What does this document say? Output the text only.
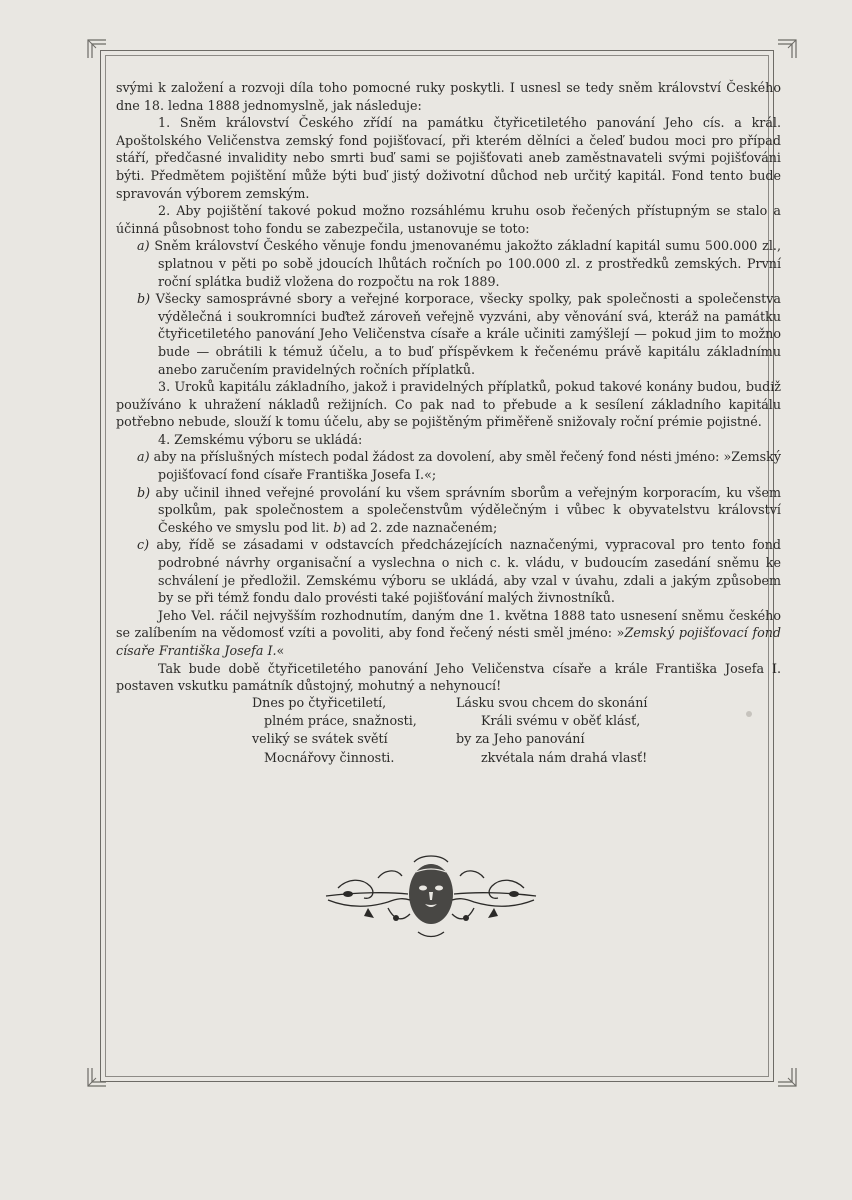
svými k založení a rozvoji díla toho pomocné ruky poskytli. I usnesl se tedy sněm království Českého dne 18. ledna 1888 jednomyslně, jak následuje:

1. Sněm království Českého zřídí na památku čtyřicetiletého panování Jeho cís. a král. Apoštolského Veličenstva zemský fond pojišťovací, při kterém dělníci a čeleď budou moci pro případ stáří, předčasné invalidity nebo smrti buď sami se pojišťovati aneb zaměstnavateli svými pojišťováni býti. Předmětem pojištění může býti buď jistý doživotní důchod neb určitý kapitál. Fond tento bude spravován výborem zemským.

2. Aby pojištění takové pokud možno rozsáhlému kruhu osob řečených přístupným se stalo a účinná působnost toho fondu se zabezpečila, ustanovuje se toto:

a) Sněm království Českého věnuje fondu jmenovanému jakožto základní kapitál sumu 500.000 zl., splatnou v pěti po sobě jdoucích lhůtách ročních po 100.000 zl. z prostředků zemských. První roční splátka budiž vložena do rozpočtu na rok 1889.

b) Všecky samosprávné sbory a veřejné korporace, všecky spolky, pak společnosti a společenstva výdělečná i soukromníci buďtež zároveň veřejně vyzváni, aby věnování svá, kteráž na památku čtyřicetiletého panování Jeho Veličenstva císaře a krále učiniti zamýšlejí — pokud jim to možno bude — obrátili k témuž účelu, a to buď příspěvkem k řečenému právě kapitálu základnímu anebo zaručením pravidelných ročních příplatků.

3. Uroků kapitálu základního, jakož i pravidelných příplatků, pokud takové konány budou, budiž používáno k uhražení nákladů režijních. Co pak nad to přebude a k sesílení základního kapitálu potřebno nebude, slouží k tomu účelu, aby se pojištěným přiměřeně snižovaly roční prémie pojistné.

4. Zemskému výboru se ukládá:

a) aby na příslušných místech podal žádost za dovolení, aby směl řečený fond nésti jméno: »Zemský pojišťovací fond císaře Františka Josefa I.«;

b) aby učinil ihned veřejné provolání ku všem správním sborům a veřejným korporacím, ku všem spolkům, pak společnostem a společenstvům výdělečným i vůbec k obyvatelstvu království Českého ve smyslu pod lit. b) ad 2. zde naznačeném;

c) aby, řídě se zásadami v odstavcích předcházejících naznačenými, vypracoval pro tento fond podrobné návrhy organisační a vyslechna o nich c. k. vládu, v budoucím zasedání sněmu ke schválení je předložil. Zemskému výboru se ukládá, aby vzal v úvahu, zdali a jakým způsobem by se při témž fondu dalo provésti také pojišťování malých živnostníků.

Jeho Vel. ráčil nejvyšším rozhodnutím, daným dne 1. května 1888 tato usnesení sněmu českého se zalíbením na vědomosť vzíti a povoliti, aby fond řečený nésti směl jméno: »Zemský pojišťovací fond císaře Františka Josefa I.«

Tak bude době čtyřicetiletého panování Jeho Veličenstva císaře a krále Františka Josefa I. postaven vskutku památník důstojný, mohutný a nehynoucí!

Dnes po čtyřicetiletí,
plném práce, snažnosti,
veliký se svátek světí
Mocnářovy činnosti.
Lásku svou chcem do skonání
Králi svému v oběť klásť,
by za Jeho panování
zkvétala nám drahá vlasť!
